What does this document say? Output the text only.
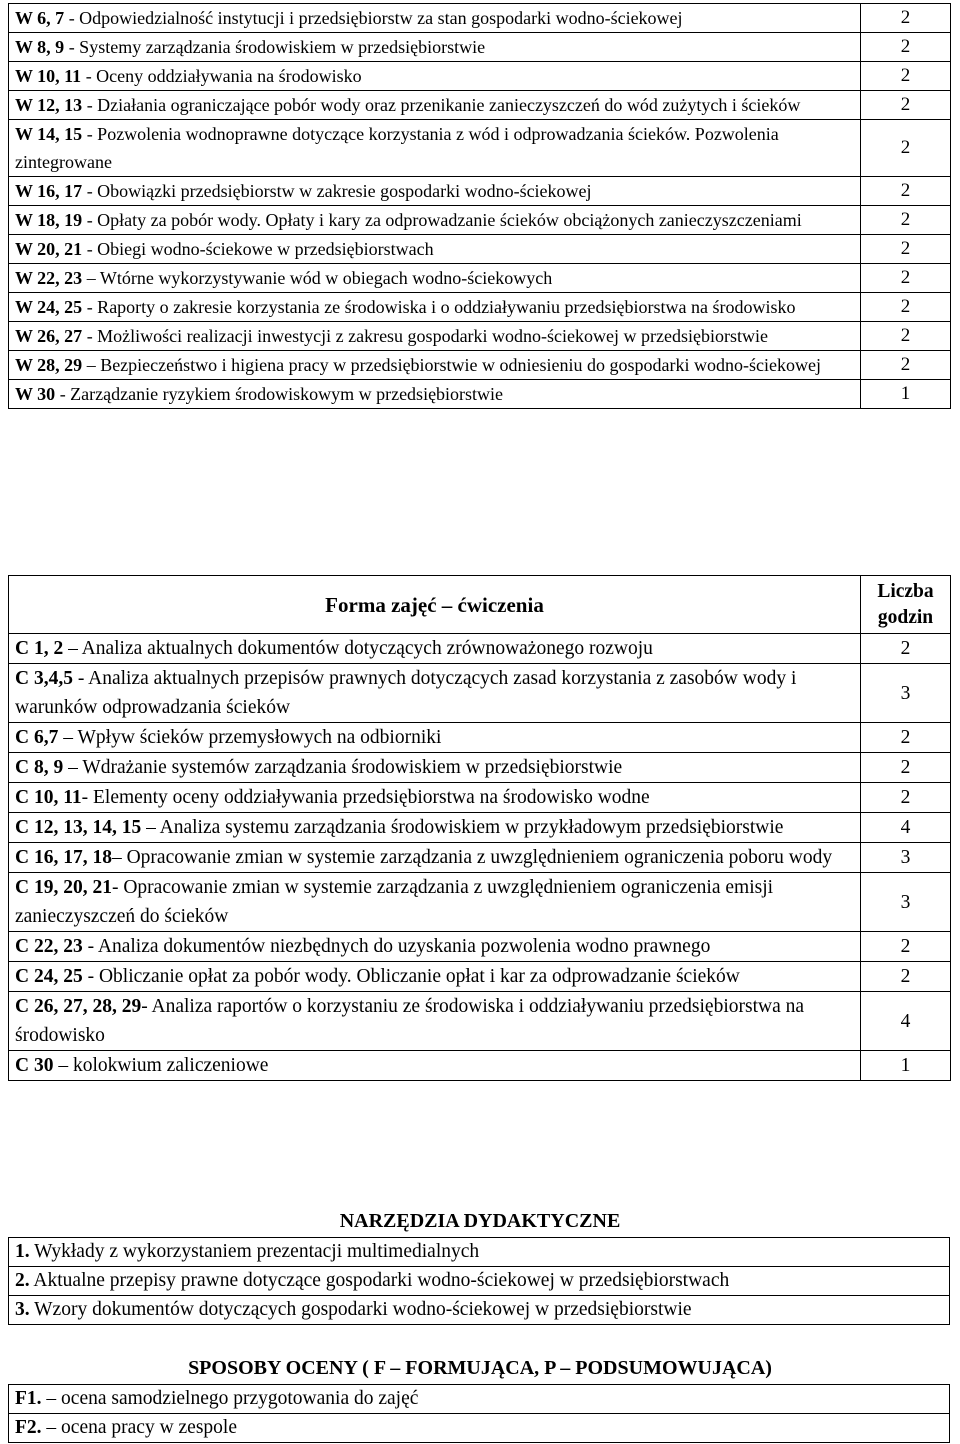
W 6, 7 - Odpowiedzialność instytucji i przedsiębiorstw za stan gospodarki wodno-ściekowej	2
W 8, 9 - Systemy zarządzania środowiskiem w przedsiębiorstwie	2
W 10, 11 - Oceny oddziaływania na środowisko	2
W 12, 13 - Działania ograniczające pobór wody oraz przenikanie zanieczyszczeń do wód zużytych i ścieków	2
W 14, 15 - Pozwolenia wodnoprawne dotyczące korzystania z wód i odprowadzania ścieków. Pozwolenia zintegrowane	2
W 16, 17 - Obowiązki przedsiębiorstw w zakresie gospodarki wodno-ściekowej	2
W 18, 19 - Opłaty za pobór wody. Opłaty i kary za odprowadzanie ścieków obciążonych zanieczyszczeniami	2
W 20, 21 - Obiegi wodno-ściekowe w przedsiębiorstwach	2
W 22, 23 – Wtórne wykorzystywanie wód w obiegach wodno-ściekowych	2
W 24, 25 - Raporty o zakresie korzystania ze środowiska i o oddziaływaniu przedsiębiorstwa na środowisko	2
W 26, 27 - Możliwości realizacji inwestycji z zakresu gospodarki wodno-ściekowej w przedsiębiorstwie	2
W 28, 29 – Bezpieczeństwo i higiena pracy w przedsiębiorstwie w odniesieniu do gospodarki wodno-ściekowej	2
W 30 - Zarządzanie ryzykiem środowiskowym w przedsiębiorstwie	1
Forma zajęć – ćwiczenia	Liczba godzin
C 1, 2 – Analiza aktualnych dokumentów dotyczących zrównoważonego rozwoju	2
C 3,4,5 - Analiza aktualnych przepisów prawnych dotyczących zasad korzystania z zasobów wody i warunków odprowadzania ścieków	3
C 6,7 – Wpływ ścieków przemysłowych na odbiorniki	2
C 8, 9 – Wdrażanie systemów zarządzania środowiskiem w przedsiębiorstwie	2
C 10, 11- Elementy oceny oddziaływania przedsiębiorstwa na środowisko wodne	2
C 12, 13, 14, 15 – Analiza systemu zarządzania środowiskiem w przykładowym przedsiębiorstwie	4
C 16, 17, 18– Opracowanie zmian w systemie zarządzania z uwzględnieniem ograniczenia poboru wody	3
C 19, 20, 21- Opracowanie zmian w systemie zarządzania z uwzględnieniem ograniczenia emisji zanieczyszczeń do ścieków	3
C 22, 23 - Analiza dokumentów niezbędnych do uzyskania pozwolenia wodno prawnego	2
C 24, 25 - Obliczanie opłat za pobór wody. Obliczanie opłat i kar za odprowadzanie ścieków	2
C 26, 27, 28, 29- Analiza raportów o korzystaniu ze środowiska i oddziaływaniu przedsiębiorstwa na środowisko	4
C 30 – kolokwium zaliczeniowe	1
NARZĘDZIA DYDAKTYCZNE
1. Wykłady z wykorzystaniem prezentacji multimedialnych
2. Aktualne przepisy prawne dotyczące gospodarki wodno-ściekowej w przedsiębiorstwach
3. Wzory dokumentów dotyczących gospodarki wodno-ściekowej w przedsiębiorstwie
SPOSOBY OCENY ( F – FORMUJĄCA, P – PODSUMOWUJĄCA)
F1. – ocena samodzielnego przygotowania do zajęć
F2. – ocena pracy w zespole
